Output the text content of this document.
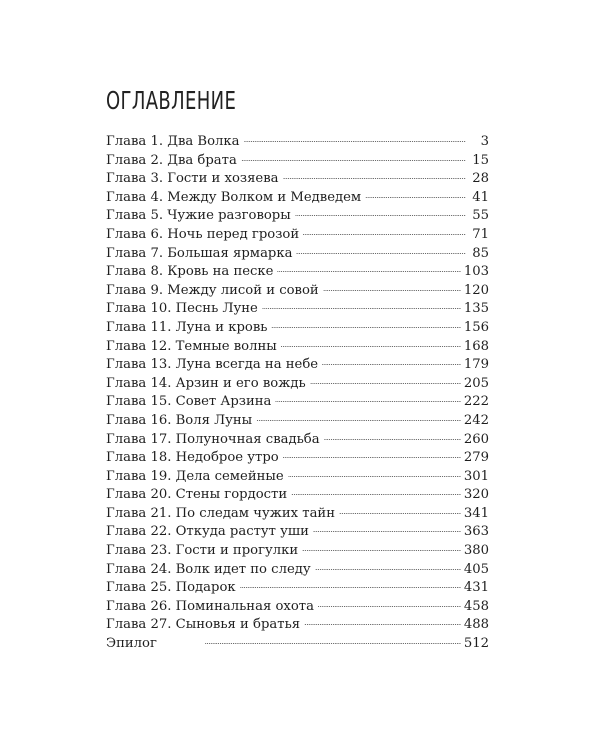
ОГЛАВЛЕНИЕ
Глава 1. Два Волка . . .	3
Глава 2. Два брата . . .	15
Глава 3. Гости и хозяева . . .	28
Глава 4. Между Волком и Медведем . . .	41
Глава 5. Чужие разговоры . . .	55
Глава 6. Ночь перед грозой . . .	71
Глава 7. Большая ярмарка . . .	85
Глава 8. Кровь на песке . . .	103
Глава 9. Между лисой и совой . . .	120
Глава 10. Песнь Луне . . .	135
Глава 11. Луна и кровь . . .	156
Глава 12. Темные волны . . .	168
Глава 13. Луна всегда на небе . . .	179
Глава 14. Арзин и его вождь . . .	205
Глава 15. Совет Арзина . . .	222
Глава 16. Воля Луны . . .	242
Глава 17. Полуночная свадьба . . .	260
Глава 18. Недоброе утро . . .	279
Глава 19. Дела семейные . . .	301
Глава 20. Стены гордости . . .	320
Глава 21. По следам чужих тайн . . .	341
Глава 22. Откуда растут уши . . .	363
Глава 23. Гости и прогулки . . .	380
Глава 24. Волк идет по следу . . .	405
Глава 25. Подарок . . .	431
Глава 26. Поминальная охота . . .	458
Глава 27. Сыновья и братья . . .	488
Эпилог . . .	512
